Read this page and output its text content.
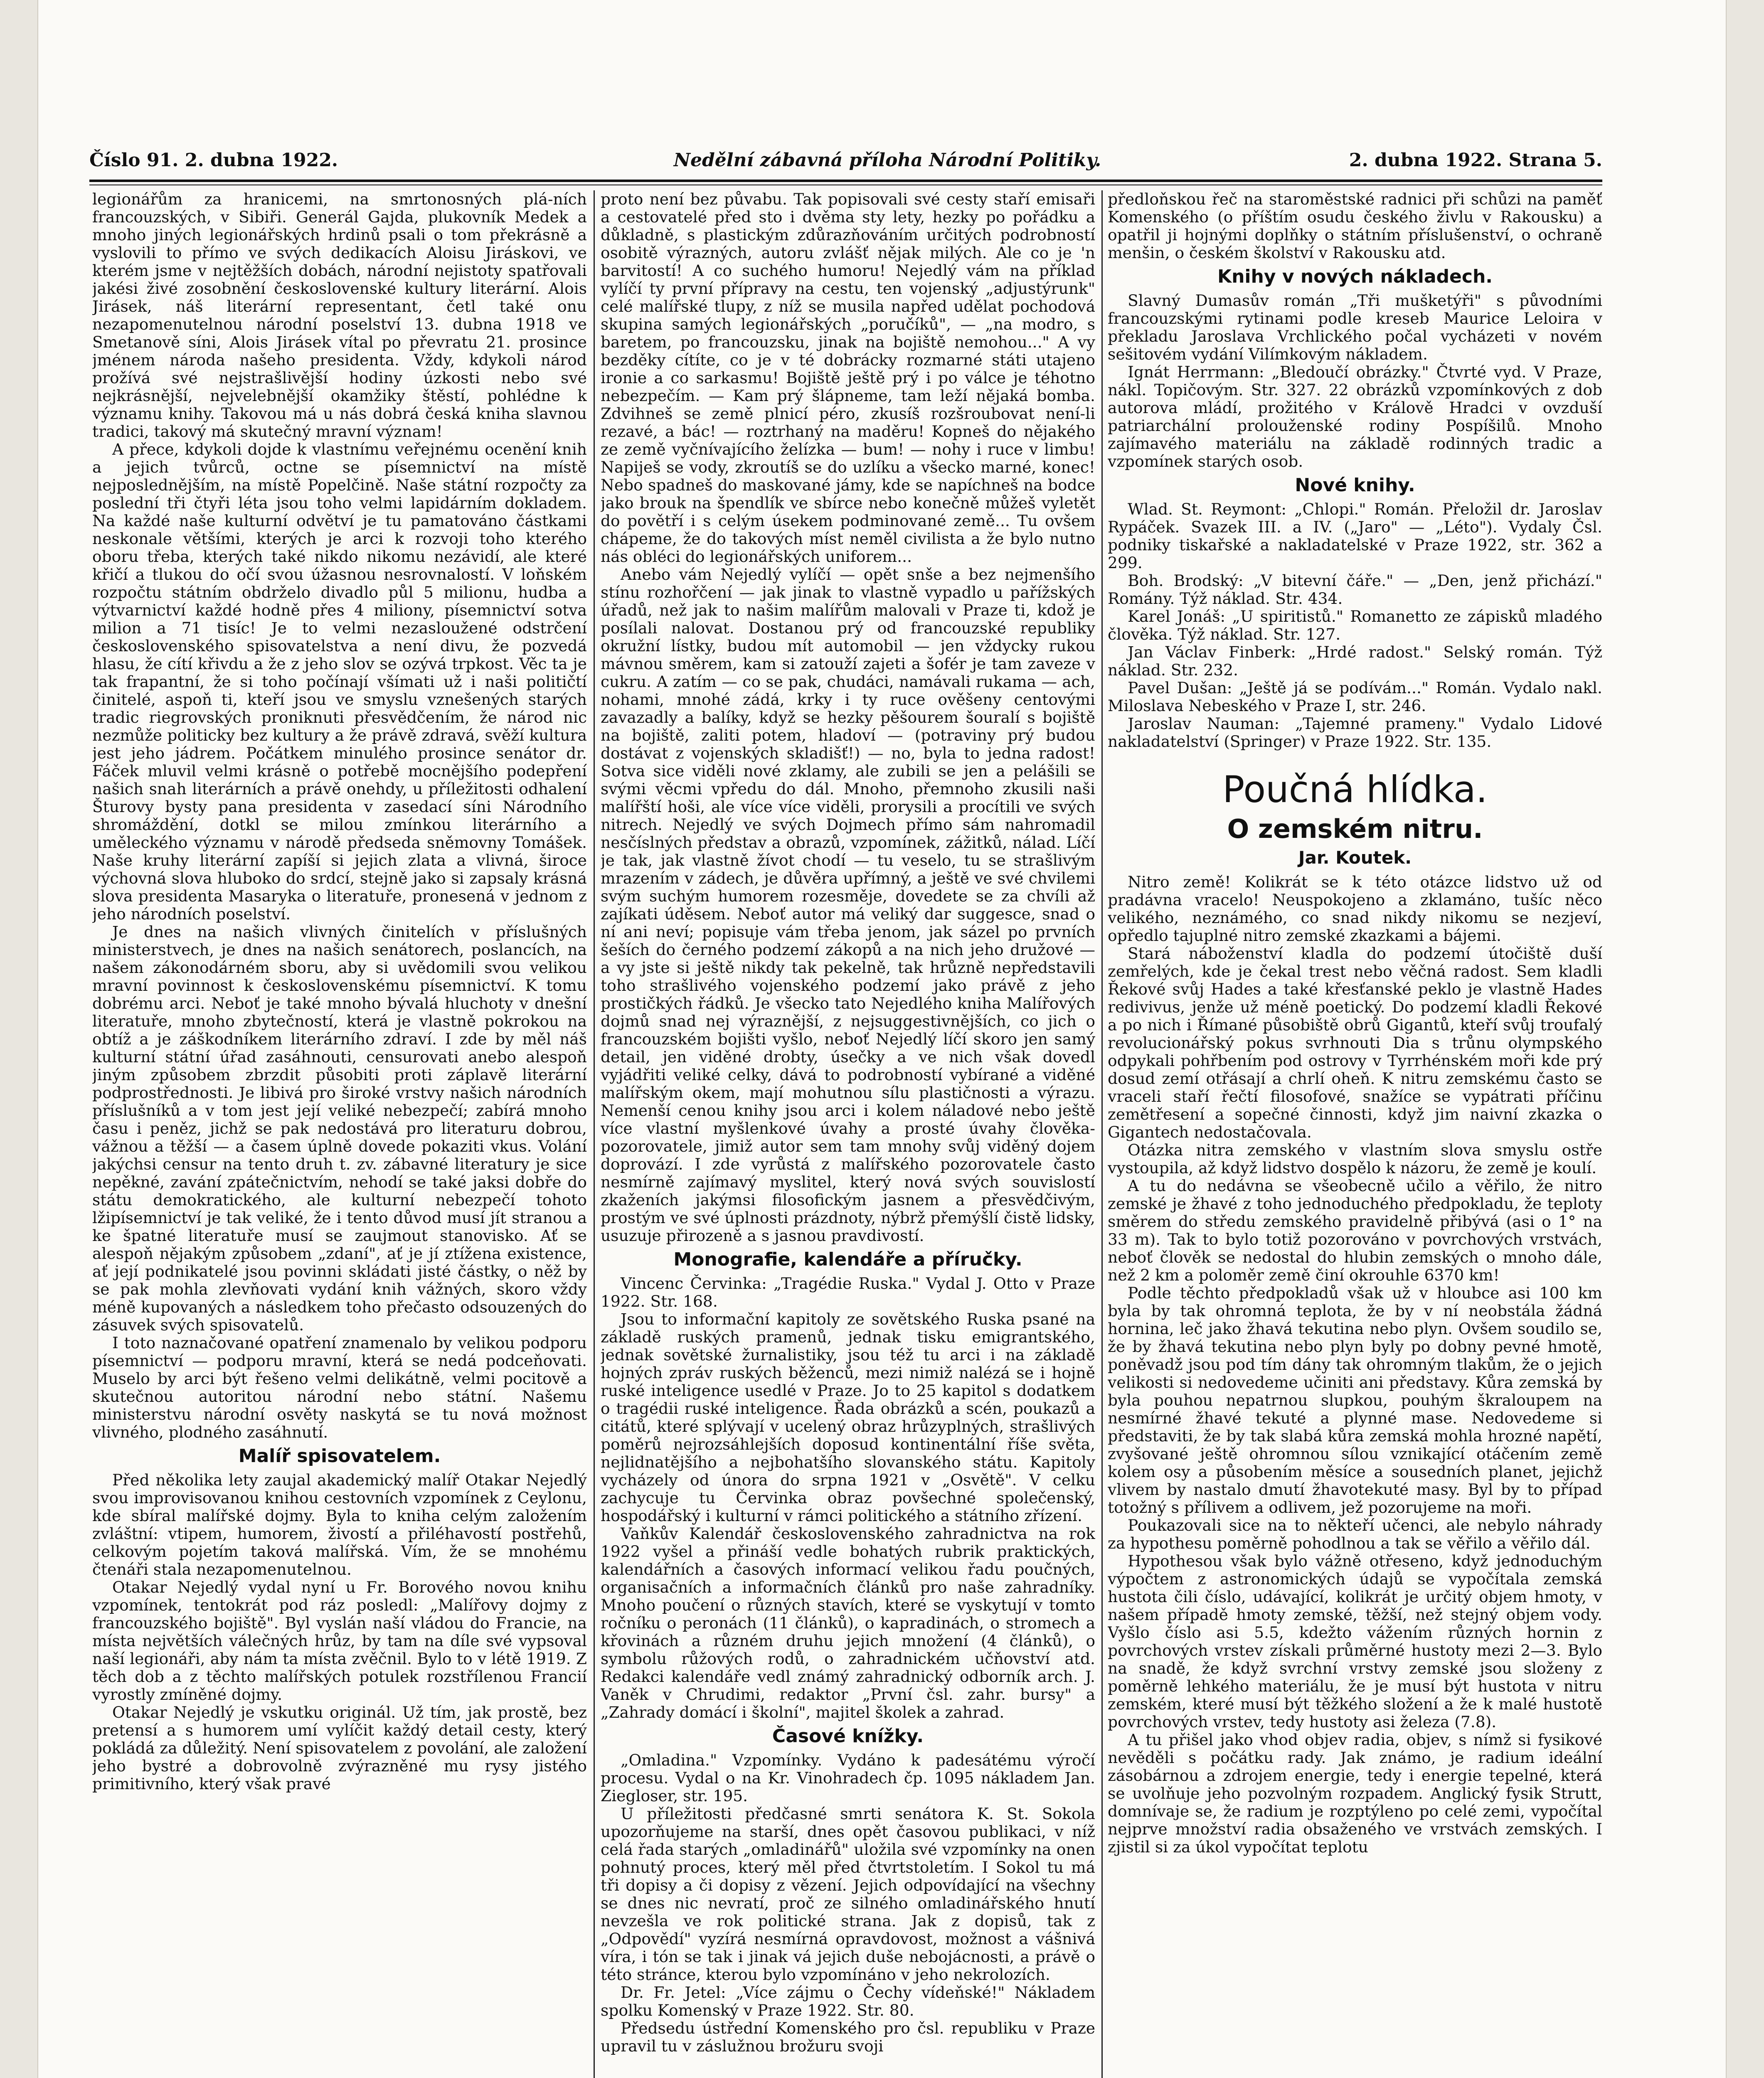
Číslo 91. 2. dubna 1922.	Nedělní zábavná příloha Národní Politiky.	2. dubna 1922. Strana 5.

legionářům za hranicemi, na smrtonosných plá-ních francouzských, v Sibiři. Generál Gajda, plukovník Medek a mnoho jiných legionářských hrdinů psali o tom překrásně a vyslovili to přímo ve svých dedikacích Aloisu Jiráskovi, ve kterém jsme v nejtěžších dobách, národní nejistoty spatřovali jakési živé zosobnění československé kultury literární. Alois Jirásek, náš literární representant, četl také onu nezapomenutelnou národní poselství 13. dubna 1918 ve Smetanově síni, Alois Jirásek vítal po převratu 21. prosince jménem národa našeho presidenta. Vždy, kdykoli národ prožívá své nejstrašlivější hodiny úzkosti nebo své nejkrásnější, nejvelebnější okamžiky štěstí, pohlédne k významu knihy. Takovou má u nás dobrá česká kniha slavnou tradici, takový má skutečný mravní význam!

A přece, kdykoli dojde k vlastnímu veřejnému ocenění knih a jejich tvůrců, octne se písemnictví na místě nejposlednějším, na místě Popelčině. Naše státní rozpočty za poslední tři čtyři léta jsou toho velmi lapidárním dokladem. Na každé naše kulturní odvětví je tu pamatováno částkami neskonale většími, kterých je arci k rozvoji toho kterého oboru třeba, kterých také nikdo nikomu nezávidí, ale které křičí a tlukou do očí svou úžasnou nesrovnalostí. V loňském rozpočtu státním obdrželo divadlo půl 5 milionu, hudba a výtvarnictví každé hodně přes 4 miliony, písemnictví sotva milion a 71 tisíc! Je to velmi nezasloužené odstrčení československého spisovatelstva a není divu, že pozvedá hlasu, že cítí křivdu a že z jeho slov se ozývá trpkost. Věc ta je tak frapantní, že si toho počínají všímati už i naši političtí činitelé, aspoň ti, kteří jsou ve smyslu vznešených starých tradic riegrovských proniknuti přesvědčením, že národ nic nezmůže politicky bez kultury a že právě zdravá, svěží kultura jest jeho jádrem. Počátkem minulého prosince senátor dr. Fáček mluvil velmi krásně o potřebě mocnějšího podepření našich snah literárních a právě onehdy, u příležitosti odhalení Šturovy bysty pana presidenta v zasedací síni Národního shromáždění, dotkl se milou zmínkou literárního a uměleckého významu v národě předseda sněmovny Tomášek. Naše kruhy literární zapíší si jejich zlata a vlivná, široce výchovná slova hluboko do srdcí, stejně jako si zapsaly krásná slova presidenta Masaryka o literatuře, pronesená v jednom z jeho národních poselství.

Je dnes na našich vlivných činitelích v příslušných ministerstvech, je dnes na našich senátorech, poslancích, na našem zákonodárném sboru, aby si uvědomili svou velikou mravní povinnost k československému písemnictví. K tomu dobrému arci. Neboť je také mnoho bývalá hluchoty v dnešní literatuře, mnoho zbytečností, která je vlastně pokrokou na obtíž a je záškodníkem literárního zdraví. I zde by měl náš kulturní státní úřad zasáhnouti, censurovati anebo alespoň jiným způsobem zbrzdit působiti proti záplavě literární podprostřednosti. Je libivá pro široké vrstvy našich národních příslušníků a v tom jest její veliké nebezpečí; zabírá mnoho času i peněz, jichž se pak nedostává pro literaturu dobrou, vážnou a těžší — a časem úplně dovede pokaziti vkus. Volání jakýchsi censur na tento druh t. zv. zábavné literatury je sice nepěkné, zavání zpátečnictvím, nehodí se také jaksi dobře do státu demokratického, ale kulturní nebezpečí tohoto lžipísemnictví je tak veliké, že i tento důvod musí jít stranou a ke špatné literatuře musí se zaujmout stanovisko. Ať se alespoň nějakým způsobem „zdaní", ať je jí ztížena existence, ať její podnikatelé jsou povinni skládati jisté částky, o něž by se pak mohla zlevňovati vydání knih vážných, skoro vždy méně kupovaných a následkem toho přečasto odsouzených do zásuvek svých spisovatelů.

I toto naznačované opatření znamenalo by velikou podporu písemnictví — podporu mravní, která se nedá podceňovati. Muselo by arci být řešeno velmi delikátně, velmi pocitově a skutečnou autoritou národní nebo státní. Našemu ministerstvu národní osvěty naskytá se tu nová možnost vlivného, plodného zasáhnutí.

Malíř spisovatelem.

Před několika lety zaujal akademický malíř Otakar Nejedlý svou improvisovanou knihou cestovních vzpomínek z Ceylonu, kde sbíral malířské dojmy. Byla to kniha celým založením zvláštní: vtipem, humorem, živostí a přiléhavostí postřehů, celkovým pojetím taková malířská. Vím, že se mnohému čtenáři stala nezapomenutelnou.

Otakar Nejedlý vydal nyní u Fr. Borového novou knihu vzpomínek, tentokrát pod ráz posledl: „Malířovy dojmy z francouzského bojiště". Byl vyslán naší vládou do Francie, na místa největších válečných hrůz, by tam na díle své vypsoval naší legionáři, aby nám ta místa zvěčnil. Bylo to v létě 1919. Z těch dob a z těchto malířských potulek rozstřílenou Francií vyrostly zmíněné dojmy.

Otakar Nejedlý je vskutku originál. Už tím, jak prostě, bez pretensí a s humorem umí vylíčit každý detail cesty, který pokládá za důležitý. Není spisovatelem z povolání, ale založení jeho bystré a dobrovolně zvýrazněné mu rysy jistého primitivního, který však pravé

proto není bez půvabu. Tak popisovali své cesty staří emisaři a cestovatelé před sto i dvěma sty lety, hezky po pořádku a důkladně, s plastickým zdůrazňováním určitých podrobností osobitě výrazných, autoru zvlášť nějak milých. Ale co je 'n barvitostí! A co suchého humoru! Nejedlý vám na příklad vylíčí ty první přípravy na cestu, ten vojenský „adjustýrunk" celé malířské tlupy, z níž se musila napřed udělat pochodová skupina samých legionářských „poručíků", — „na modro, s baretem, po francouzsku, jinak na bojiště nemohou..." A vy bezděky cítíte, co je v té dobrácky rozmarné státi utajeno ironie a co sarkasmu! Bojiště ještě prý i po válce je téhotno nebezpečím. — Kam prý šlápneme, tam leží nějaká bomba. Zdvihneš se země plnicí péro, zkusíš rozšroubovat není-li rezavé, a bác! — roztrhaný na maděru! Kopneš do nějakého ze země vyčnívajícího želízka — bum! — nohy i ruce v limbu! Napiješ se vody, zkroutíš se do uzlíku a všecko marné, konec! Nebo spadneš do maskované jámy, kde se napíchneš na bodce jako brouk na špendlík ve sbírce nebo konečně můžeš vyletět do povětří i s celým úsekem podminované země... Tu ovšem chápeme, že do takových míst neměl civilista a že bylo nutno nás obléci do legionářských uniforem...

Anebo vám Nejedlý vylíčí — opět snše a bez nejmenšího stínu rozhořčení — jak jinak to vlastně vypadlo u pařížských úřadů, než jak to našim malířům malovali v Praze ti, kdož je posílali nalovat. Dostanou prý od francouzské republiky okružní lístky, budou mít automobil — jen vždycky rukou mávnou směrem, kam si zatouží zajeti a šofér je tam zaveze v cukru. A zatím — co se pak, chudáci, namávali rukama — ach, nohami, mnohé zádá, krky i ty ruce ověšeny centovými zavazadly a balíky, když se hezky pěšourem šouralí s bojiště na bojiště, zaliti potem, hladoví — (potraviny prý budou dostávat z vojenských skladišť!) — no, byla to jedna radost! Sotva sice viděli nové zklamy, ale zubili se jen a pelášili se svými věcmi vpředu do dál. Mnoho, přemnoho zkusili naši malířští hoši, ale více více viděli, prorysili a procítili ve svých nitrech. Nejedlý ve svých Dojmech přímo sám nahromadil nesčíslných představ a obrazů, vzpomínek, zážitků, nálad. Líčí je tak, jak vlastně žívot chodí — tu veselo, tu se strašlivým mrazením v zádech, je důvěra upřímný, a ještě ve své chvilemi svým suchým humorem rozesměje, dovedete se za chvíli až zajíkati úděsem. Neboť autor má veliký dar suggesce, snad o ní ani neví; popisuje vám třeba jenom, jak sázel po prvních šeších do černého podzemí zákopů a na nich jeho družové — a vy jste si ještě nikdy tak pekelně, tak hrůzně nepředstavili toho strašlivého vojenského podzemí jako právě z jeho prostičkých řádků. Je všecko tato Nejedlého kniha Malířových dojmů snad nej výraznější, z nejsuggestivnějších, co jich o francouzském bojišti vyšlo, neboť Nejedlý líčí skoro jen samý detail, jen viděné drobty, úsečky a ve nich však dovedl vyjádřiti veliké celky, dává to podrobností vybírané a viděné malířským okem, mají mohutnou sílu plastičnosti a výrazu. Nemenší cenou knihy jsou arci i kolem náladové nebo ještě více vlastní myšlenkové úvahy a prosté úvahy člověka-pozorovatele, jimiž autor sem tam mnohy svůj viděný dojem doprovází. I zde vyrůstá z malířského pozorovatele často nesmírně zajímavý myslitel, který nová svých souvislostí zkaženích jakýmsi filosofickým jasnem a přesvědčivým, prostým ve své úplnosti prázdnoty, nýbrž přemýšlí čistě lidsky, usuzuje přirozeně a s jasnou pravdivostí.

Monografie, kalendáře a příručky.

Vincenc Červinka: „Tragédie Ruska." Vydal J. Otto v Praze 1922. Str. 168.

Jsou to informační kapitoly ze sovětského Ruska psané na základě ruských pramenů, jednak tisku emigrantského, jednak sovětské žurnalistiky, jsou též tu arci i na základě hojných zpráv ruských běženců, mezi nimiž nalézá se i hojně ruské inteligence usedlé v Praze. Jo to 25 kapitol s dodatkem o tragédii ruské inteligence. Řada obrázků a scén, poukazů a citátů, které splývají v ucelený obraz hrůzyplných, strašlivých poměrů nejrozsáhlejších doposud kontinentální říše světa, nejlidnatějšího a nejbohatšího slovanského státu. Kapitoly vycházely od února do srpna 1921 v „Osvětě". V celku zachycuje tu Červinka obraz povšechné společenský, hospodářský i kulturní v rámci politického a státního zřízení.

Vaňkův Kalendář československého zahradnictva na rok 1922 vyšel a přináší vedle bohatých rubrik praktických, kalendářních a časových informací velikou řadu poučných, organisačních a informačních článků pro naše zahradníky. Mnoho poučení o různých stavích, které se vyskytují v tomto ročníku o peronách (11 článků), o kapradinách, o stromech a křovinách a různém druhu jejich množení (4 článků), o symbolu růžových rodů, o zahradnickém učňovství atd. Redakci kalendáře vedl známý zahradnický odborník arch. J. Vaněk v Chrudimi, redaktor „První čsl. zahr. bursy" a „Zahrady domácí i školní", majitel školek a zahrad.

Časové knížky.

„Omladina." Vzpomínky. Vydáno k padesátému výročí procesu. Vydal o na Kr. Vinohradech čp. 1095 nákladem Jan. Ziegloser, str. 195.

U příležitosti předčasné smrti senátora K. St. Sokola upozorňujeme na starší, dnes opět časovou publikaci, v níž celá řada starých „omladinářů" uložila své vzpomínky na onen pohnutý proces, který měl před čtvrtstoletím. I Sokol tu má tři dopisy a či dopisy z vězení. Jejich odpovídající na všechny se dnes nic nevratí, proč ze silného omladinářského hnutí nevzešla ve rok politické strana. Jak z dopisů, tak z „Odpovědí" vyzírá nesmírná opravdovost, možnost a vášnivá víra, i tón se tak i jinak vá jejich duše nebojácnosti, a právě o této stránce, kterou bylo vzpomínáno v jeho nekrolozích.

Dr. Fr. Jetel: „Více zájmu o Čechy vídeňské!" Nákladem spolku Komenský v Praze 1922. Str. 80.

Předsedu ústřední Komenského pro čsl. republiku v Praze upravil tu v záslužnou brožuru svoji

předloňskou řeč na staroměstské radnici při schůzi na paměť Komenského (o příštím osudu českého živlu v Rakousku) a opatřil ji hojnými doplňky o státním příslušenství, o ochraně menšin, o českém školství v Rakousku atd.

Knihy v nových nákladech.

Slavný Dumasův román „Tři mušketýři" s původními francouzskými rytinami podle kreseb Maurice Leloira v překladu Jaroslava Vrchlického počal vycházeti v novém sešitovém vydání Vilímkovým nákladem.

Ignát Herrmann: „Bledoučí obrázky." Čtvrté vyd. V Praze, nákl. Topičovým. Str. 327. 22 obrázků vzpomínkových z dob autorova mládí, prožitého v Králově Hradci v ovzduší patriarchální prolouženské rodiny Pospíšilů. Mnoho zajímavého materiálu na základě rodinných tradic a vzpomínek starých osob.

Nové knihy.

Wlad. St. Reymont: „Chlopi." Román. Přeložil dr. Jaroslav Rypáček. Svazek III. a IV. („Jaro" — „Léto"). Vydaly Čsl. podniky tiskařské a nakladatelské v Praze 1922, str. 362 a 299.

Boh. Brodský: „V bitevní čáře." — „Den, jenž přichází." Romány. Týž náklad. Str. 434.

Karel Jonáš: „U spiritistů." Romanetto ze zápisků mladého člověka. Týž náklad. Str. 127.

Jan Václav Finberk: „Hrdé radost." Selský román. Týž náklad. Str. 232.

Pavel Dušan: „Ještě já se podívám..." Román. Vydalo nakl. Miloslava Nebeského v Praze I, str. 246.

Jaroslav Nauman: „Tajemné prameny." Vydalo Lidové nakladatelství (Springer) v Praze 1922. Str. 135.

Poučná hlídka.
O zemském nitru.
Jar. Koutek.

Nitro země! Kolikrát se k této otázce lidstvo už od pradávna vracelo! Neuspokojeno a zklamáno, tušíc něco velikého, neznámého, co snad nikdy nikomu se nezjeví, opředlo tajuplné nitro zemské zkazkami a bájemi.

Stará náboženství kladla do podzemí útočiště duší zemřelých, kde je čekal trest nebo věčná radost. Sem kladli Řekové svůj Hades a také křesťanské peklo je vlastně Hades redivivus, jenže už méně poetický. Do podzemí kladli Řekové a po nich i Římané působiště obrů Gigantů, kteří svůj troufalý revolucionářský pokus svrhnouti Dia s trůnu olympského odpykali pohřbením pod ostrovy v Tyrrhénském moři kde prý dosud zemí otřásají a chrlí oheň. K nitru zemskému často se vraceli staří řečtí filosofové, snažíce se vypátrati příčinu zemětřesení a sopečné činnosti, když jim naivní zkazka o Gigantech nedostačovala.

Otázka nitra zemského v vlastním slova smyslu ostře vystoupila, až když lidstvo dospělo k názoru, že země je koulí.

A tu do nedávna se všeobecně učilo a věřilo, že nitro zemské je žhavé z toho jednoduchého předpokladu, že teploty směrem do středu zemského pravidelně přibývá (asi o 1° na 33 m). Tak to bylo totiž pozorováno v povrchových vrstvách, neboť člověk se nedostal do hlubin zemských o mnoho dále, než 2 km a poloměr země činí okrouhle 6370 km!

Podle těchto předpokladů však už v hloubce asi 100 km byla by tak ohromná teplota, že by v ní neobstála žádná hornina, leč jako žhavá tekutina nebo plyn. Ovšem soudilo se, že by žhavá tekutina nebo plyn byly po dobny pevné hmotě, poněvadž jsou pod tím dány tak ohromným tlakům, že o jejich velikosti si nedovedeme učiniti ani představy. Kůra zemská by byla pouhou nepatrnou slupkou, pouhým škraloupem na nesmírné žhavé tekuté a plynné mase. Nedovedeme si představiti, že by tak slabá kůra zemská mohla hrozné napětí, zvyšované ještě ohromnou sílou vznikající otáčením země kolem osy a působením měsíce a sousedních planet, jejichž vlivem by nastalo dmutí žhavotekuté masy. Byl by to případ totožný s přílivem a odlivem, jež pozorujeme na moři.

Poukazovali sice na to někteří učenci, ale nebylo náhrady za hypothesu poměrně pohodlnou a tak se věřilo a věřilo dál.

Hypothesou však bylo vážně otřeseno, když jednoduchým výpočtem z astronomických údajů se vypočítala zemská hustota čili číslo, udávající, kolikrát je určitý objem hmoty, v našem případě hmoty zemské, těžší, než stejný objem vody. Vyšlo číslo asi 5.5, kdežto vážením různých hornin z povrchových vrstev získali průměrné hustoty mezi 2—3. Bylo na snadě, že když svrchní vrstvy zemské jsou složeny z poměrně lehkého materiálu, že je musí být hustota v nitru zemském, které musí být těžkého složení a že k malé hustotě povrchových vrstev, tedy hustoty asi železa (7.8).

A tu přišel jako vhod objev radia, objev, s nímž si fysikové nevěděli s počátku rady. Jak známo, je radium ideální zásobárnou a zdrojem energie, tedy i energie tepelné, která se uvolňuje jeho pozvolným rozpadem. Anglický fysik Strutt, domnívaje se, že radium je rozptýleno po celé zemi, vypočítal nejprve množství radia obsaženého ve vrstvách zemských. I zjistil si za úkol vypočítat teplotu
